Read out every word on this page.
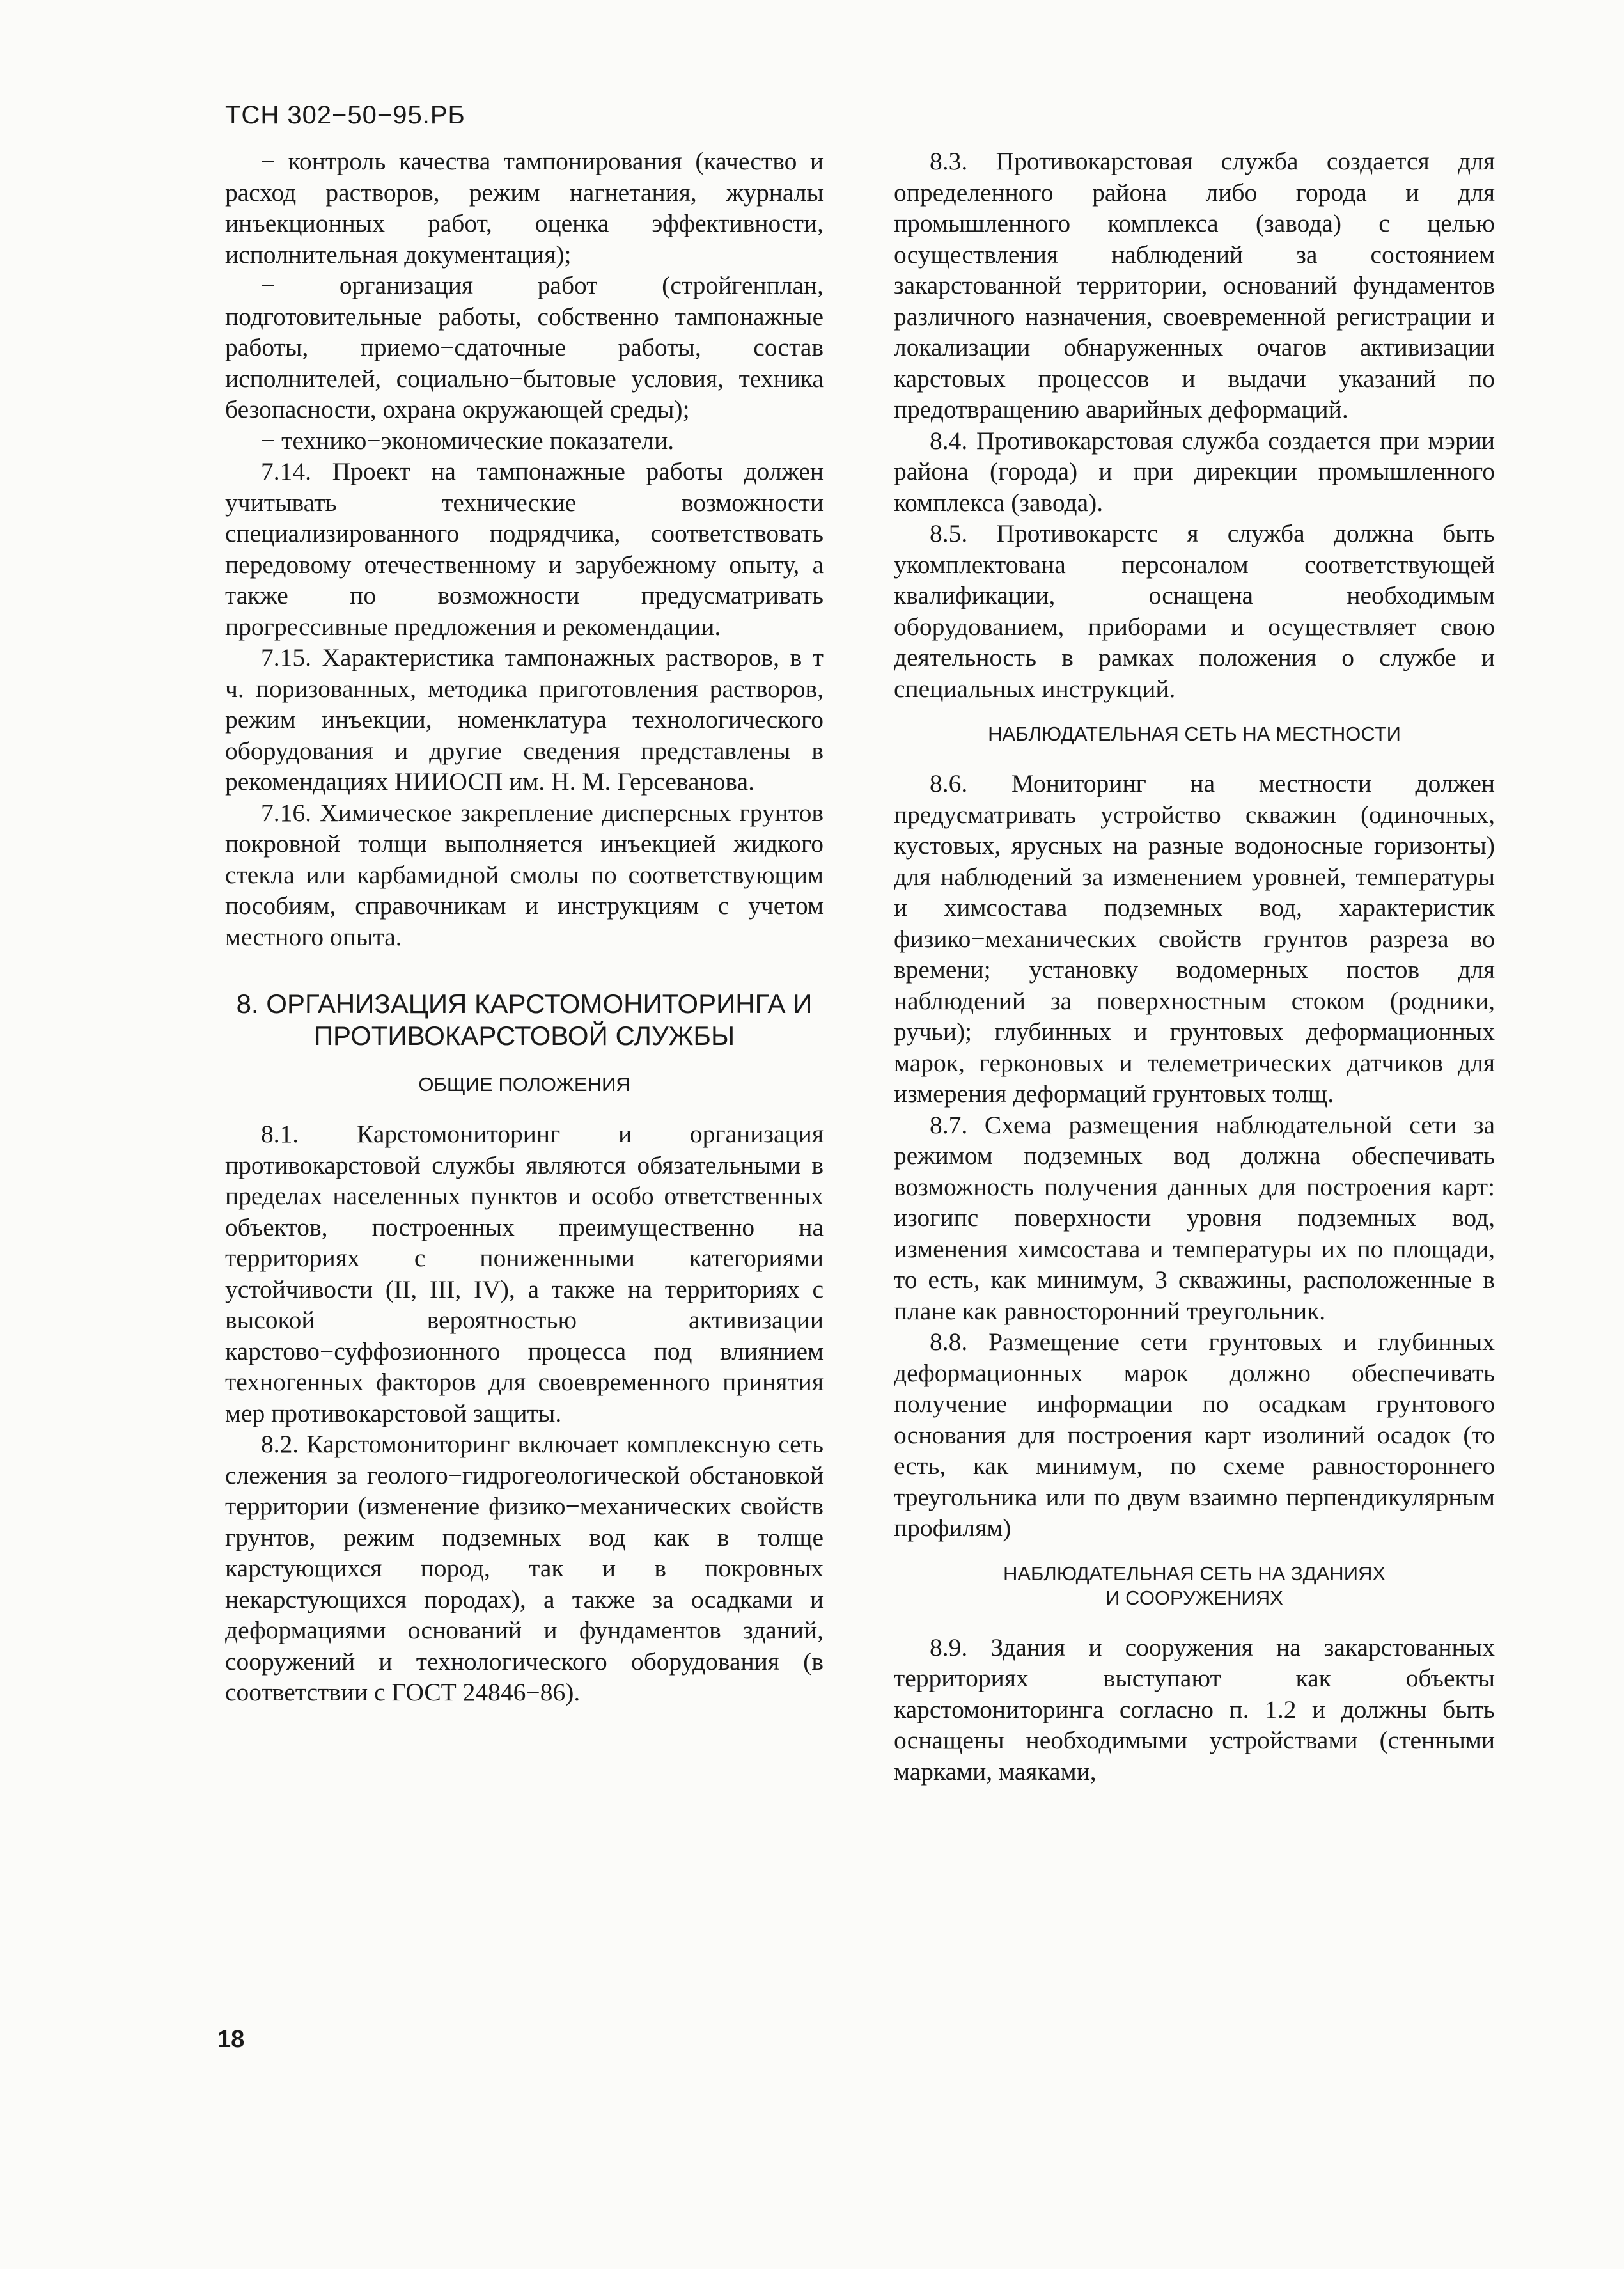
ТСН 302−50−95.РБ

− контроль качества тампонирования (качество и расход растворов, режим нагнетания, журналы инъекционных работ, оценка эффективности, исполнительная документация);

− организация работ (стройгенплан, подготовительные работы, собственно тампонажные работы, приемо−сдаточные работы, состав исполнителей, социально−бытовые условия, техника безопасности, охрана окружающей среды);

− технико−экономические показатели.

7.14. Проект на тампонажные работы должен учитывать технические возможности специализированного подрядчика, соответствовать передовому отечественному и зарубежному опыту, а также по возможности предусматривать прогрессивные предложения и рекомендации.

7.15. Характеристика тампонажных растворов, в т ч. поризованных, методика приготовления растворов, режим инъекции, номенклатура технологического оборудования и другие сведения представлены в рекомендациях НИИОСП им. Н. М. Герсеванова.

7.16. Химическое закрепление дисперсных грунтов покровной толщи выполняется инъекцией жидкого стекла или карбамидной смолы по соответствующим пособиям, справочникам и инструкциям с учетом местного опыта.

8. ОРГАНИЗАЦИЯ КАРСТОМОНИТОРИНГА И ПРОТИВОКАРСТОВОЙ СЛУЖБЫ
ОБЩИЕ ПОЛОЖЕНИЯ

8.1. Карстомониторинг и организация противокарстовой службы являются обязательными в пределах населенных пунктов и особо ответственных объектов, построенных преимущественно на территориях с пониженными категориями устойчивости (II, III, IV), а также на территориях с высокой вероятностью активизации карстово−суффозионного процесса под влиянием техногенных факторов для своевременного принятия мер противокарстовой защиты.

8.2. Карстомониторинг включает комплексную сеть слежения за геолого−гидрогеологической обстановкой территории (изменение физико−механических свойств грунтов, режим подземных вод как в толще карстующихся пород, так и в покровных некарстующихся породах), а также за осадками и деформациями оснований и фундаментов зданий, сооружений и технологического оборудования (в соответствии с ГОСТ 24846−86).

8.3. Противокарстовая служба создается для определенного района либо города и для промышленного комплекса (завода) с целью осуществления наблюдений за состоянием закарстованной территории, оснований фундаментов различного назначения, своевременной регистрации и локализации обнаруженных очагов активизации карстовых процессов и выдачи указаний по предотвращению аварийных деформаций.

8.4. Противокарстовая служба создается при мэрии района (города) и при дирекции промышленного комплекса (завода).

8.5. Противокарстс я служба должна быть укомплектована персоналом соответствующей квалификации, оснащена необходимым оборудованием, приборами и осуществляет свою деятельность в рамках положения о службе и специальных инструкций.

НАБЛЮДАТЕЛЬНАЯ СЕТЬ НА МЕСТНОСТИ

8.6. Мониторинг на местности должен предусматривать устройство скважин (одиночных, кустовых, ярусных на разные водоносные горизонты) для наблюдений за изменением уровней, температуры и химсостава подземных вод, характеристик физико−механических свойств грунтов разреза во времени; установку водомерных постов для наблюдений за поверхностным стоком (родники, ручьи); глубинных и грунтовых деформационных марок, герконовых и телеметрических датчиков для измерения деформаций грунтовых толщ.

8.7. Схема размещения наблюдательной сети за режимом подземных вод должна обеспечивать возможность получения данных для построения карт: изогипс поверхности уровня подземных вод, изменения химсостава и температуры их по площади, то есть, как минимум, 3 скважины, расположенные в плане как равносторонний треугольник.

8.8. Размещение сети грунтовых и глубинных деформационных марок должно обеспечивать получение информации по осадкам грунтового основания для построения карт изолиний осадок (то есть, как минимум, по схеме равностороннего треугольника или по двум взаимно перпендикулярным профилям)

НАБЛЮДАТЕЛЬНАЯ СЕТЬ НА ЗДАНИЯХ
И СООРУЖЕНИЯХ

8.9. Здания и сооружения на закарстованных территориях выступают как объекты карстомониторинга согласно п. 1.2 и должны быть оснащены необходимыми устройствами (стенными марками, маяками,

18
